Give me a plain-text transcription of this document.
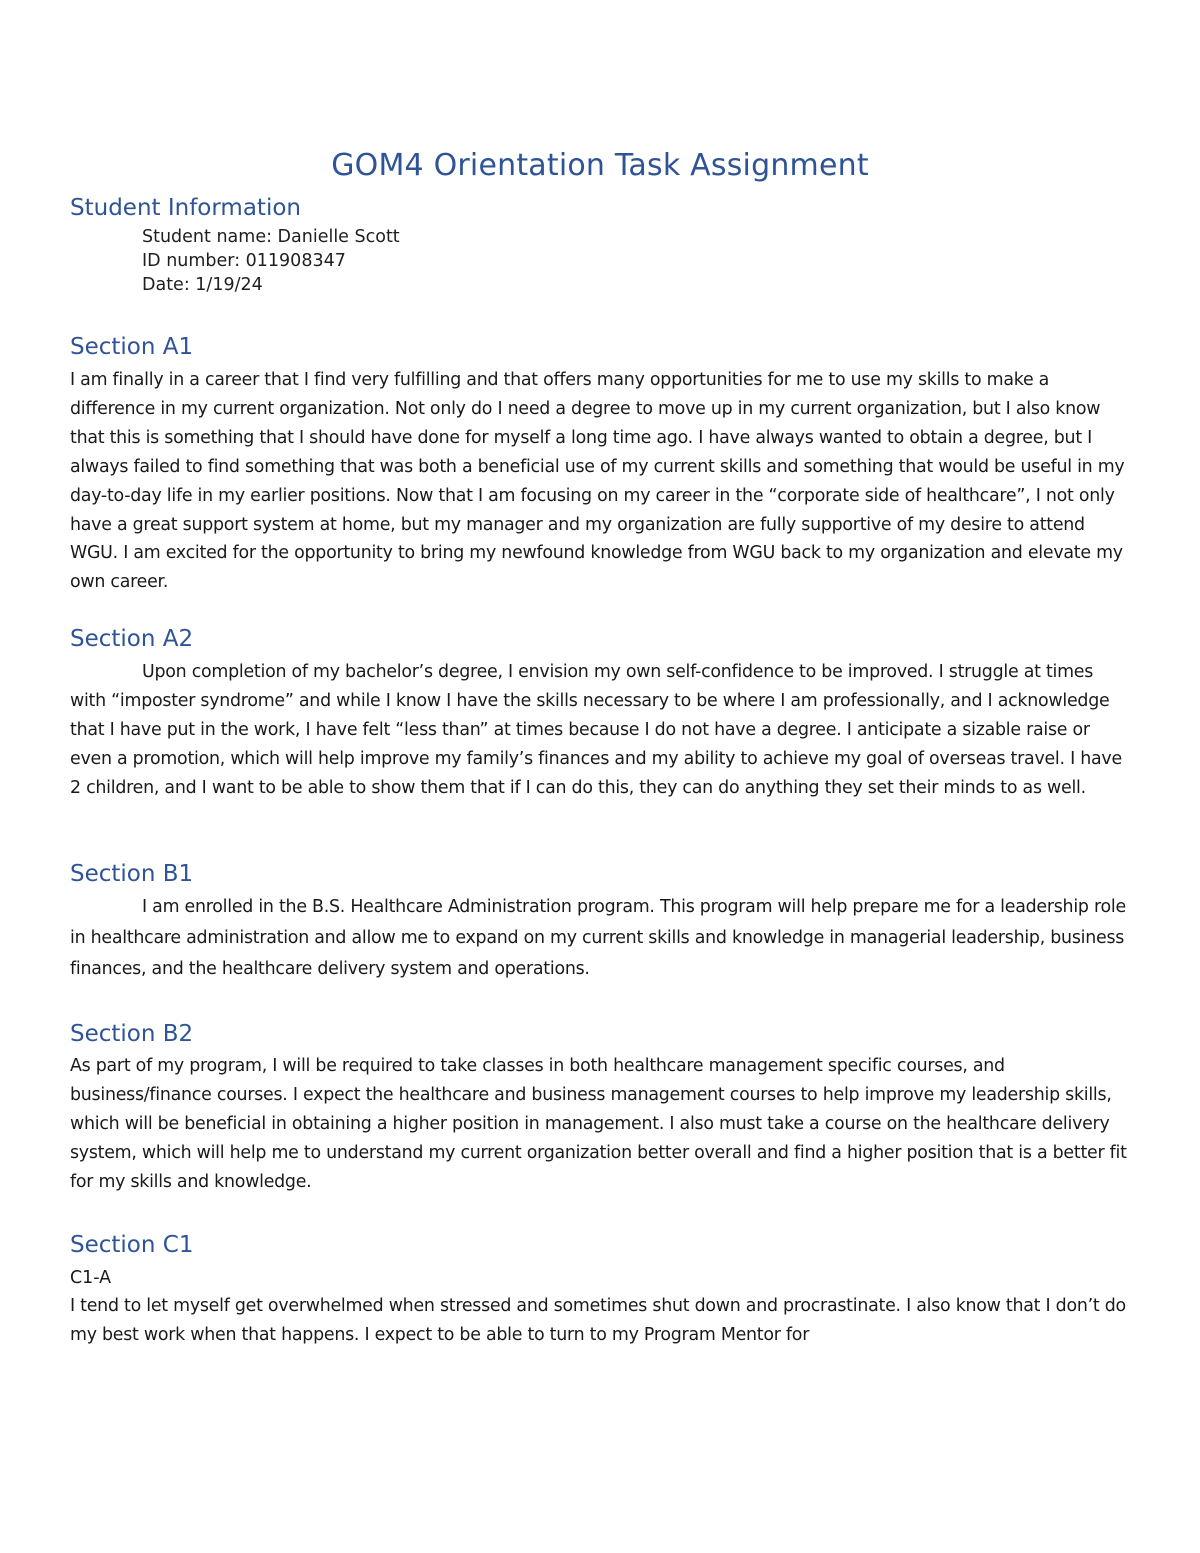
GOM4 Orientation Task Assignment
Student Information

Student name: Danielle Scott

ID number: 011908347

Date: 1/19/24

Section A1

I am finally in a career that I find very fulfilling and that offers many opportunities for me to use my skills to make a difference in my current organization. Not only do I need a degree to move up in my current organization, but I also know that this is something that I should have done for myself a long time ago. I have always wanted to obtain a degree, but I always failed to find something that was both a beneficial use of my current skills and something that would be useful in my day-to-day life in my earlier positions. Now that I am focusing on my career in the “corporate side of healthcare”, I not only have a great support system at home, but my manager and my organization are fully supportive of my desire to attend WGU. I am excited for the opportunity to bring my newfound knowledge from WGU back to my organization and elevate my own career.

Section A2

Upon completion of my bachelor’s degree, I envision my own self-confidence to be improved. I struggle at times with “imposter syndrome” and while I know I have the skills necessary to be where I am professionally, and I acknowledge that I have put in the work, I have felt “less than” at times because I do not have a degree. I anticipate a sizable raise or even a promotion, which will help improve my family’s finances and my ability to achieve my goal of overseas travel. I have 2 children, and I want to be able to show them that if I can do this, they can do anything they set their minds to as well.

Section B1

I am enrolled in the B.S. Healthcare Administration program. This program will help prepare me for a leadership role in healthcare administration and allow me to expand on my current skills and knowledge in managerial leadership, business finances, and the healthcare delivery system and operations.

Section B2

As part of my program, I will be required to take classes in both healthcare management specific courses, and business/finance courses. I expect the healthcare and business management courses to help improve my leadership skills, which will be beneficial in obtaining a higher position in management. I also must take a course on the healthcare delivery system, which will help me to understand my current organization better overall and find a higher position that is a better fit for my skills and knowledge.

Section C1

C1-A

I tend to let myself get overwhelmed when stressed and sometimes shut down and procrastinate. I also know that I don’t do my best work when that happens. I expect to be able to turn to my Program Mentor for
